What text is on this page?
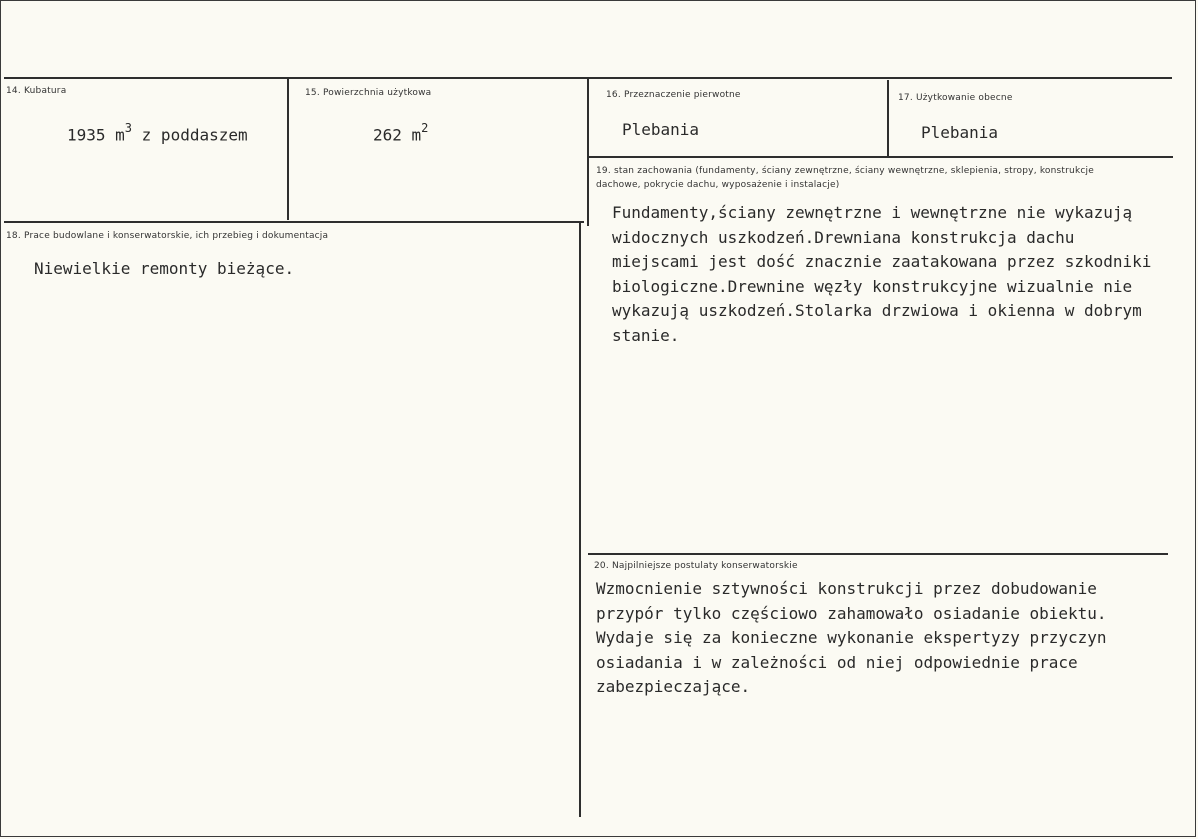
14. Kubatura
1935 $m^3$ z poddaszem
15. Powierzchnia użytkowa
262 $m^2$
16. Przeznaczenie pierwotne
Plebania
17. Użytkowanie obecne
Plebania
18. Prace budowlane i konserwatorskie, ich przebieg i dokumentacja
Niewielkie remonty bieżące.
19. stan zachowania (fundamenty, ściany zewnętrzne, ściany wewnętrzne, sklepienia, stropy, konstrukcje dachowe, pokrycie dachu, wyposażenie i instalacje)
Fundamenty,ściany zewnętrzne i wewnętrzne nie wykazują
widocznych uszkodzeń.Drewniana konstrukcja dachu
miejscami jest dość znacznie zaatakowana przez szkodniki
biologiczne.Drewnine węzły konstrukcyjne wizualnie nie
wykazują uszkodzeń.Stolarka drzwiowa i okienna w dobrym
stanie.
20. Najpilniejsze postulaty konserwatorskie
Wzmocnienie sztywności konstrukcji przez dobudowanie
przypór tylko częściowo zahamowało osiadanie obiektu.
Wydaje się za konieczne wykonanie ekspertyzy przyczyn
osiadania i w zależności od niej odpowiednie prace
zabezpieczające.
